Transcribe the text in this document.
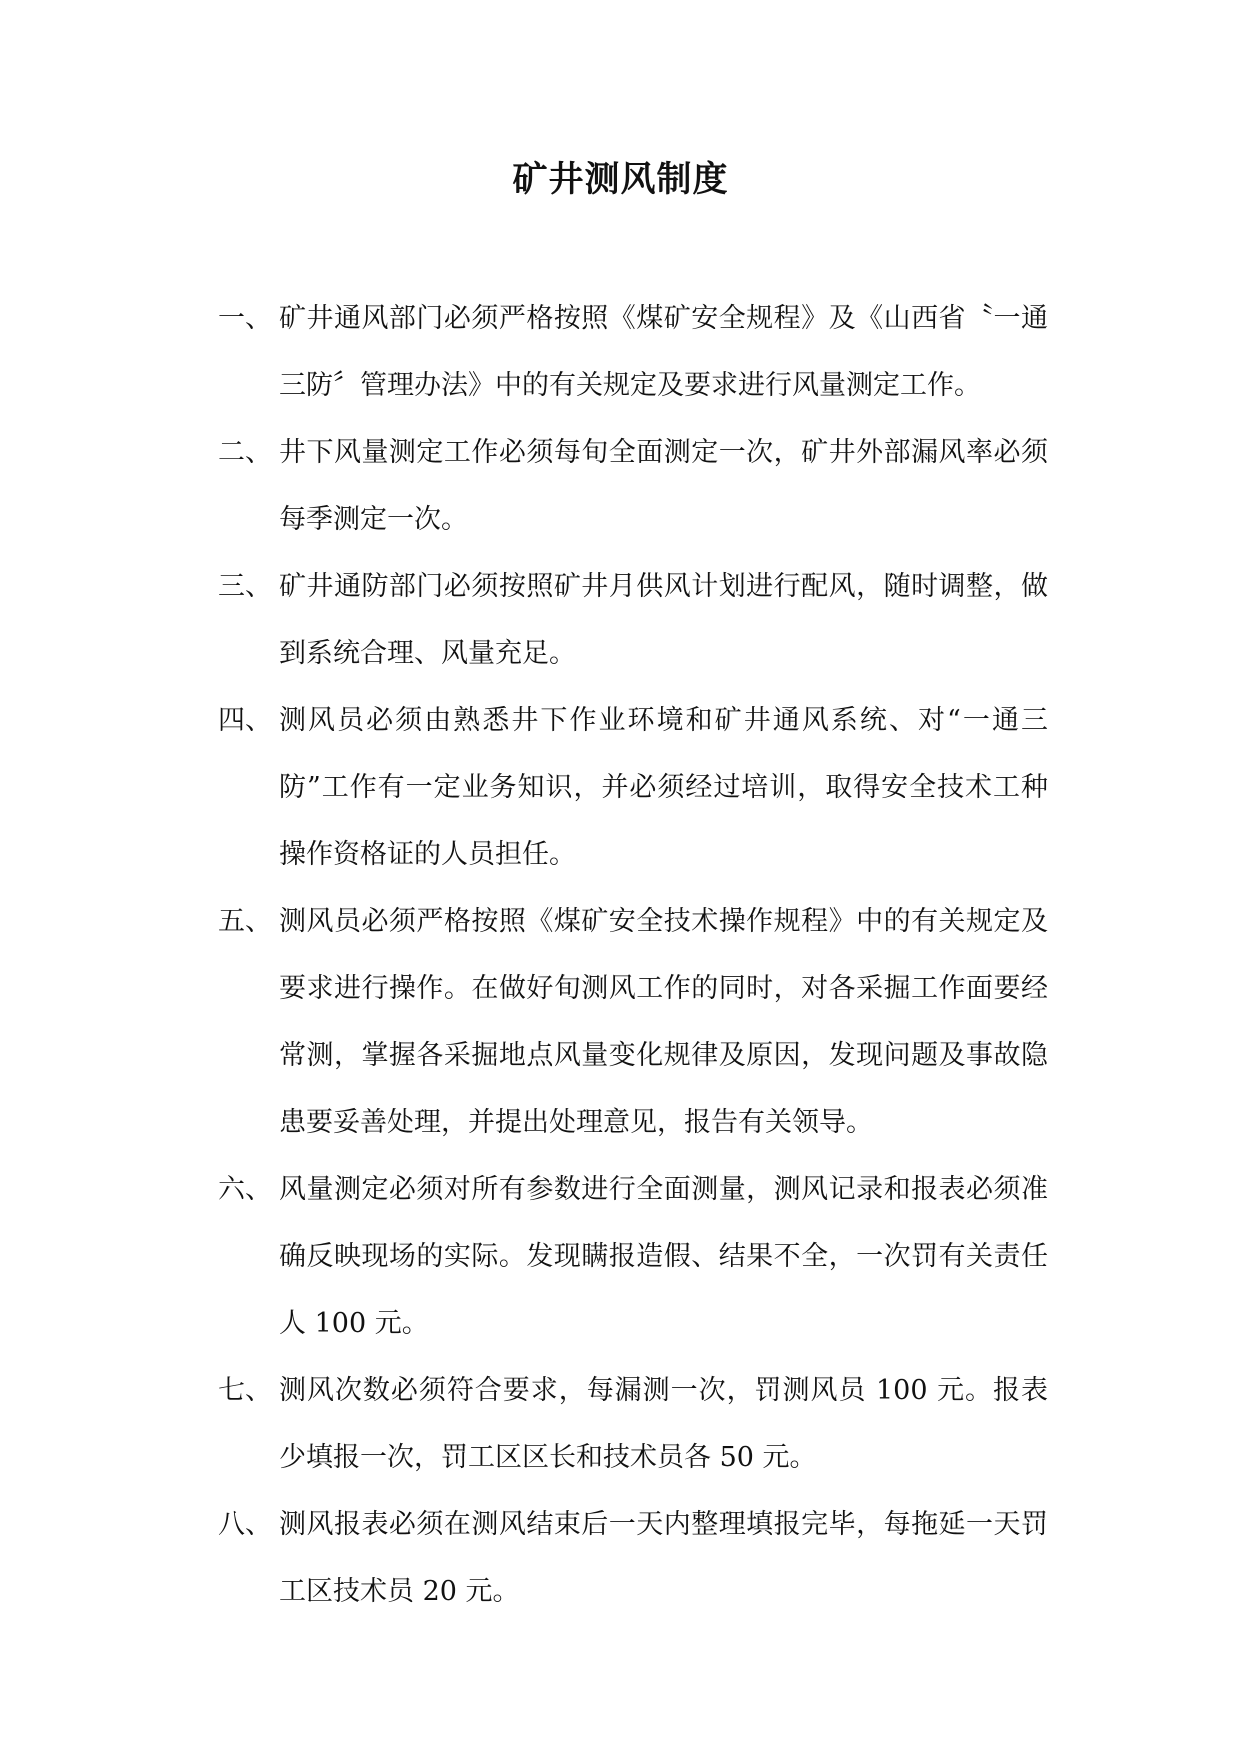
矿井测风制度
一、 矿井通风部门必须严格按照《煤矿安全规程》及《山西省〝一通三防〞管理办法》中的有关规定及要求进行风量测定工作。
二、 井下风量测定工作必须每旬全面测定一次，矿井外部漏风率必须每季测定一次。
三、 矿井通防部门必须按照矿井月供风计划进行配风，随时调整，做到系统合理、风量充足。
四、 测风员必须由熟悉井下作业环境和矿井通风系统、对“一通三防”工作有一定业务知识，并必须经过培训，取得安全技术工种操作资格证的人员担任。
五、 测风员必须严格按照《煤矿安全技术操作规程》中的有关规定及要求进行操作。在做好旬测风工作的同时，对各采掘工作面要经常测，掌握各采掘地点风量变化规律及原因，发现问题及事故隐患要妥善处理，并提出处理意见，报告有关领导。
六、 风量测定必须对所有参数进行全面测量，测风记录和报表必须准确反映现场的实际。发现瞒报造假、结果不全，一次罚有关责任人 100 元。
七、 测风次数必须符合要求，每漏测一次，罚测风员 100 元。报表少填报一次，罚工区区长和技术员各 50 元。
八、 测风报表必须在测风结束后一天内整理填报完毕，每拖延一天罚工区技术员 20 元。
